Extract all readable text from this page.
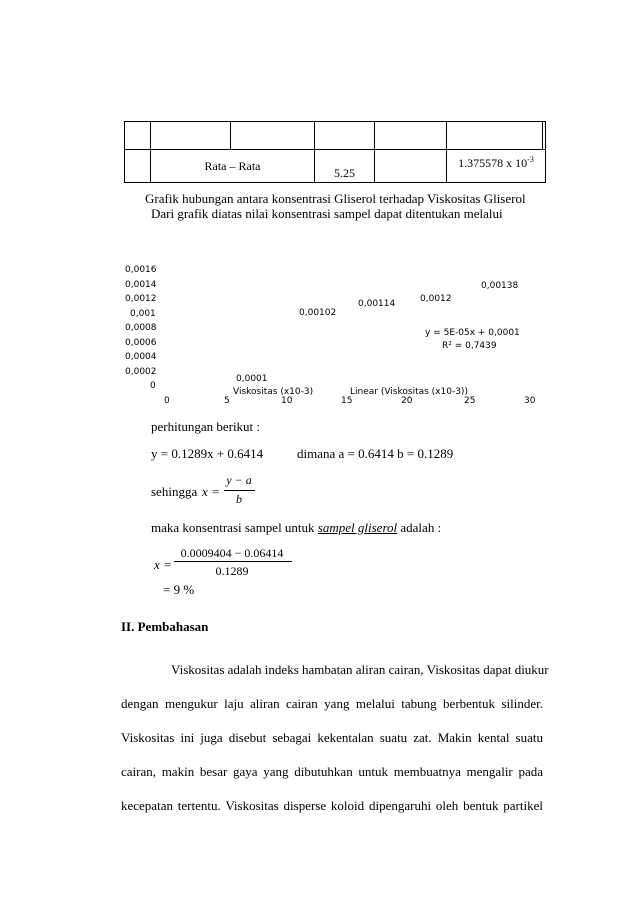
	Rata – Rata		5.25		1.375578 x $10^{-3}$
Grafik hubungan antara konsentrasi Gliserol terhadap Viskositas Gliserol
Dari grafik diatas nilai konsentrasi sampel dapat ditentukan melalui
0,0016
0,0014
0,0012
0,001
0,0008
0,0006
0,0004
0,0002
0
0	5	10	15	20	25	30
0,0001
0,00102
0,00114	0,0012
0,00138
y = 5E-05x + 0,0001
R² = 0,7439
Viskositas (x10-3)	Linear (Viskositas (x10-3))
perhitungan berikut :
y = 0.1289x + 0.6414	dimana a = 0.6414 b = 0.1289
sehingga x =
y − a
b
maka konsentrasi sampel untuk sampel gliserol adalah :
x =
0.0009404 − 0.06414
0.1289
= 9 %
II. Pembahasan
Viskositas adalah indeks hambatan aliran cairan, Viskositas dapat diukur
dengan mengukur laju aliran cairan yang melalui tabung berbentuk silinder.
Viskositas ini juga disebut sebagai kekentalan suatu zat. Makin kental suatu
cairan, makin besar gaya yang dibutuhkan untuk membuatnya mengalir pada
kecepatan tertentu. Viskositas disperse koloid dipengaruhi oleh bentuk partikel
